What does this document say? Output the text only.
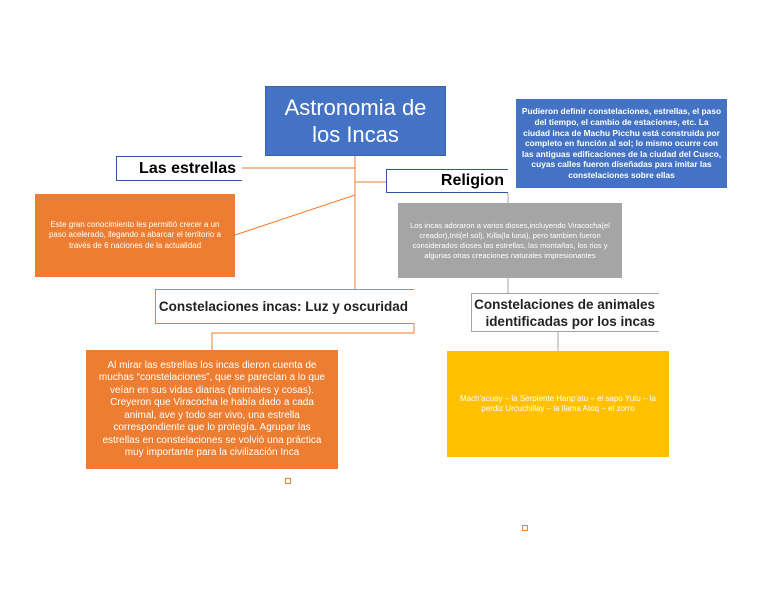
Astronomia de los Incas
Pudieron definir constelaciones, estrellas, el paso del tiempo, el cambio de estaciones, etc. La ciudad inca de Machu Picchu está construida por completo en función al sol; lo mismo ocurre con las antiguas edificaciones de la ciudad del Cusco, cuyas calles fueron diseñadas para imitar las constelaciones sobre ellas
Las estrellas
Religion
Este gran conocimiento les permitió crecer a un paso acelerado, llegando a abarcar el territorio a través de 6 naciones de la actualidad
Los incas adoraron a varios dioses,incluyendo Viracocha(el creador),Inti(el sol), Killa(la luna), pero tambien fueron considerados dioses las estrellas, las montañas, los rios y algunas otras creaciones naturales impresionantes
Constelaciones incas: Luz y oscuridad	Constelaciones de animales identificadas por los incas
Al mirar las estrellas los incas dieron cuenta de muchas “constelaciones”, que se parecían a lo que veían en sus vidas diarias (animales y cosas). Creyeron que Viracocha le había dado a cada animal, ave y todo ser vivo, una estrella correspondiente que lo protegía. Agrupar las estrellas en constelaciones se volvió una práctica muy importante para la civilización Inca
Mach'acuay – la Serpiente Hanp'atu – el sapo Yutu – la perdiz Urcuchillay – la llama Atoq – el zorro
